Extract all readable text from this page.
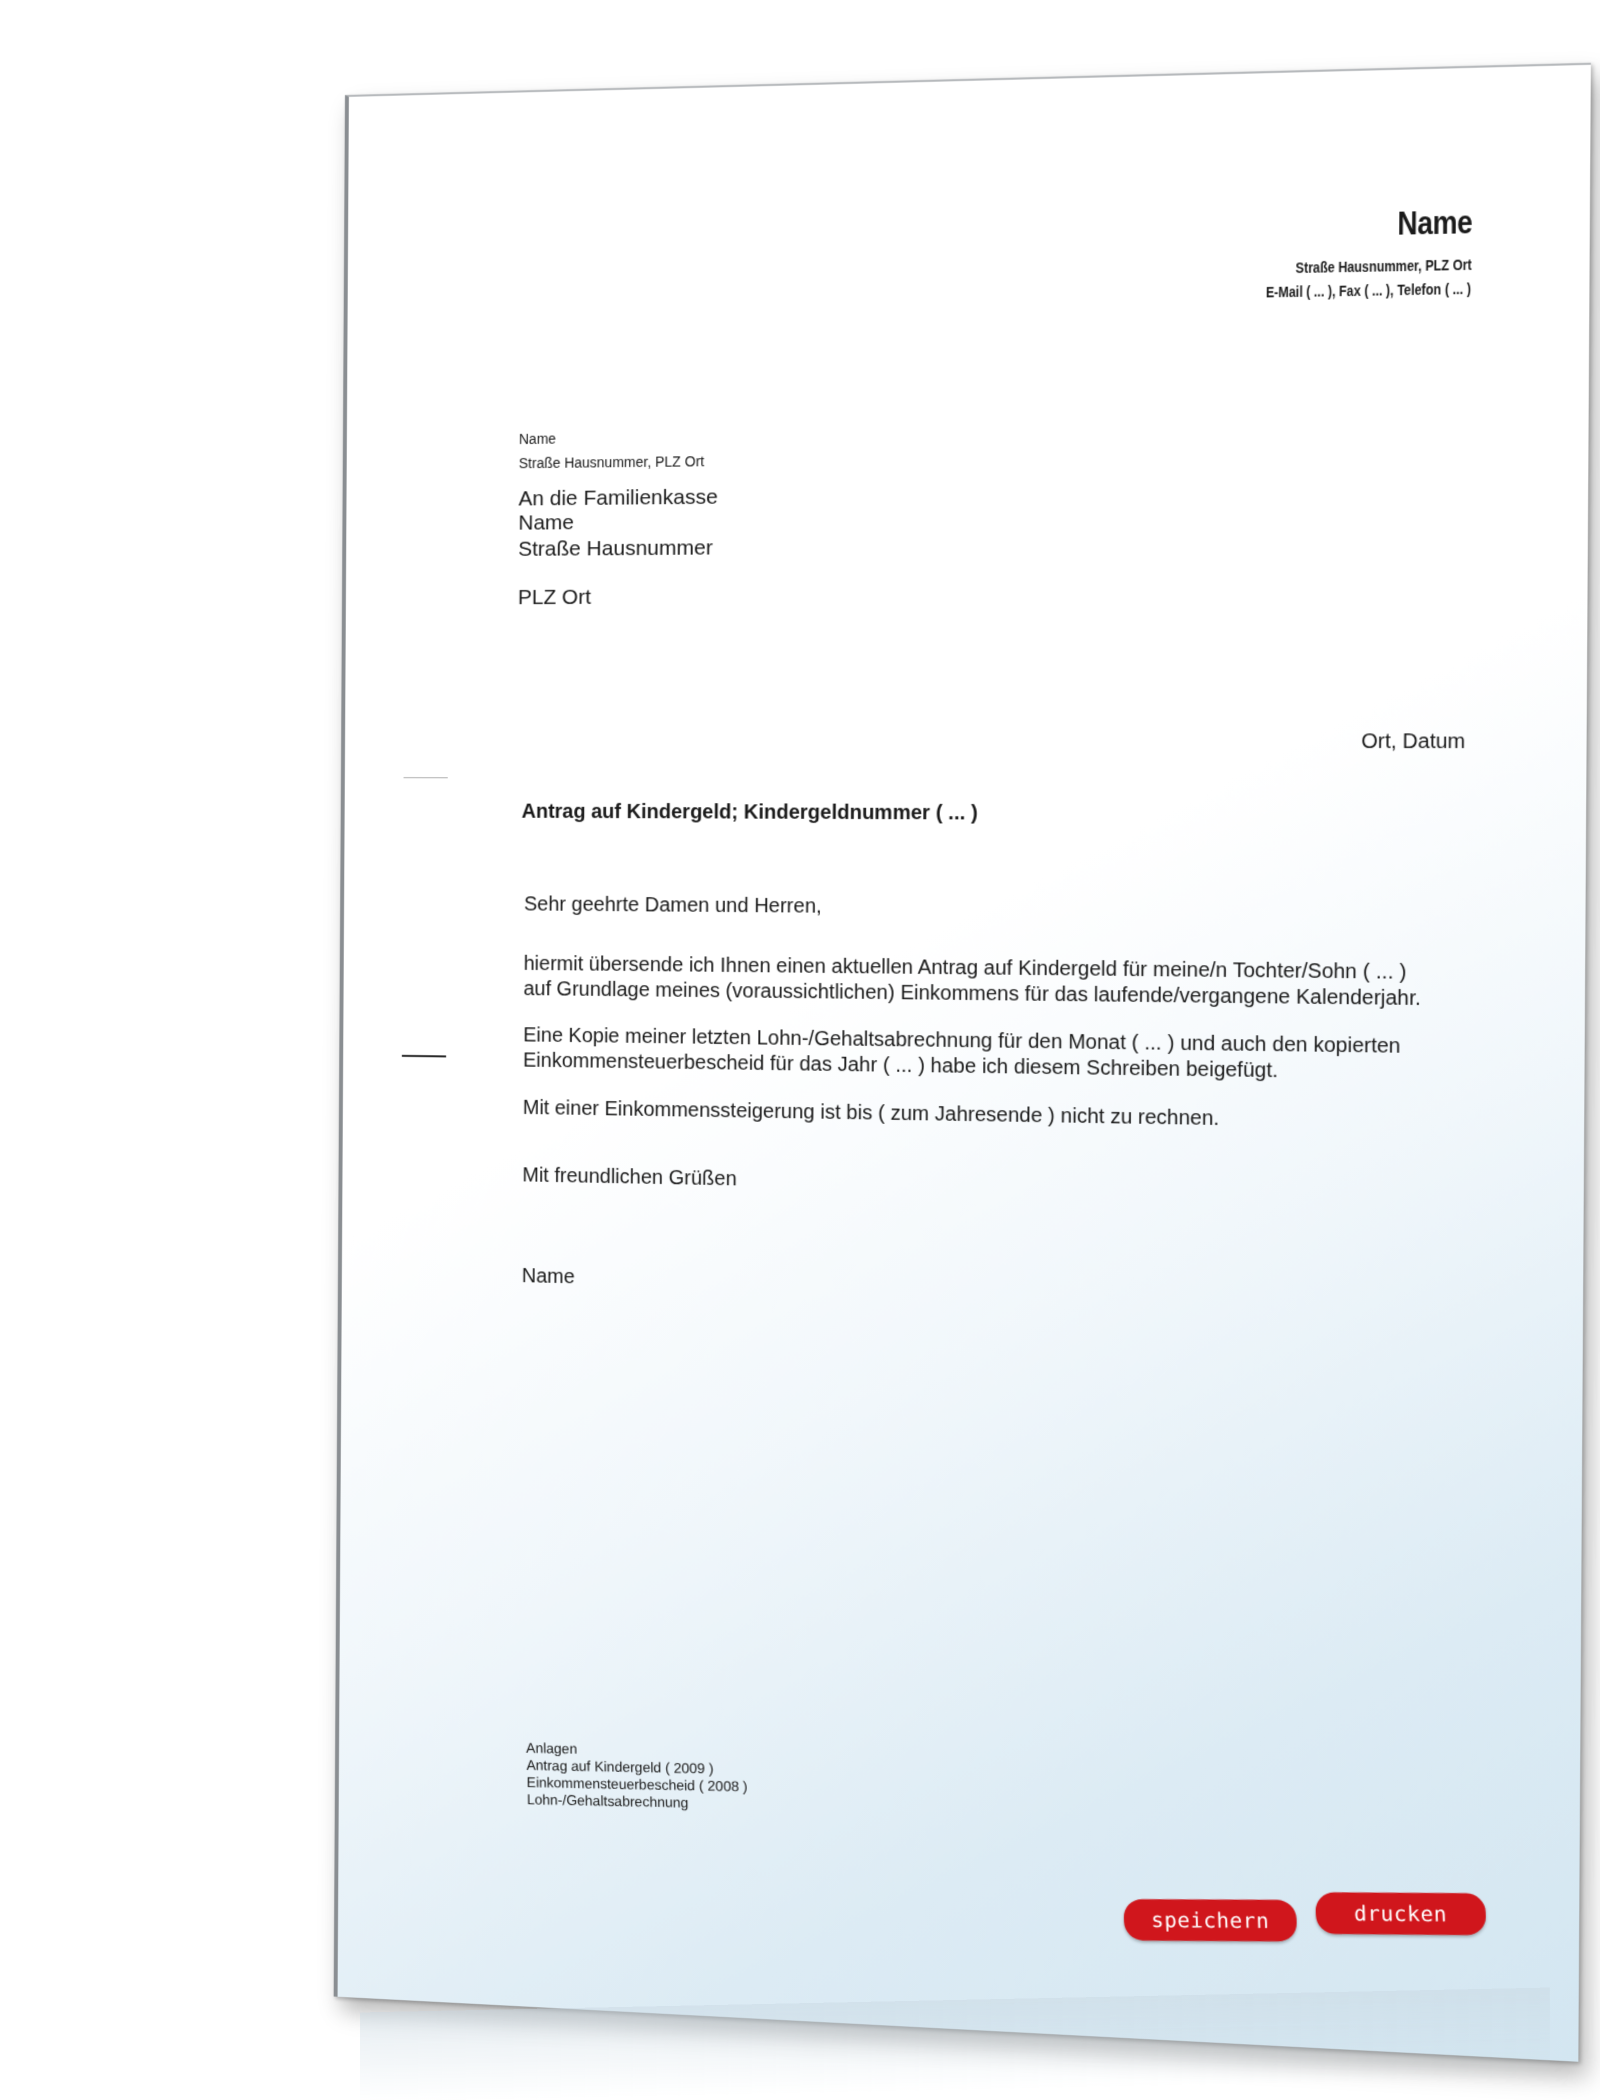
Name

Straße Hausnummer, PLZ Ort

E-Mail ( ... ), Fax ( ... ), Telefon ( ... )

Name

Straße Hausnummer, PLZ Ort

An die Familienkasse

Name

Straße Hausnummer

PLZ Ort

Ort, Datum

Antrag auf Kindergeld; Kindergeldnummer ( ... )

Sehr geehrte Damen und Herren,

hiermit übersende ich Ihnen einen aktuellen Antrag auf Kindergeld für meine/n Tochter/Sohn ( ... ) auf Grundlage meines (voraussichtlichen) Einkommens für das laufende/vergangene Kalenderjahr.

Eine Kopie meiner letzten Lohn-/Gehaltsabrechnung für den Monat ( ... ) und auch den kopierten Einkommensteuerbescheid für das Jahr ( ... ) habe ich diesem Schreiben beigefügt.

Mit einer Einkommenssteigerung ist bis ( zum Jahresende ) nicht zu rechnen.

Mit freundlichen Grüßen

Name

Anlagen
Antrag auf Kindergeld ( 2009 )
Einkommensteuerbescheid ( 2008 )
Lohn-/Gehaltsabrechnung
speichern	drucken
